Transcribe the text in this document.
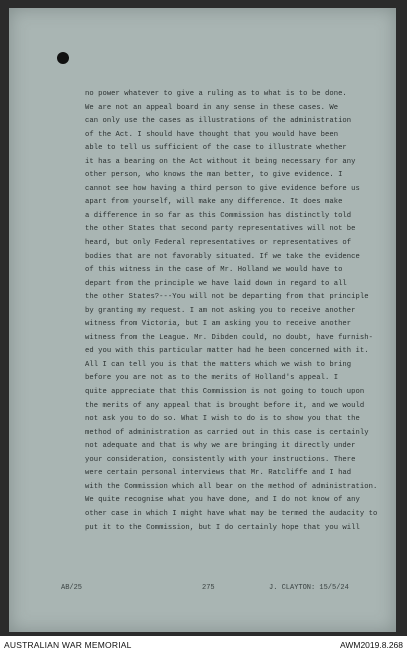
no power whatever to give a ruling as to what is to be done.
We are not an appeal board in any sense in these cases. We
can only use the cases as illustrations of the administration
of the Act. I should have thought that you would have been
able to tell us sufficient of the case to illustrate whether
it has a bearing on the Act without it being necessary for any
other person, who knows the man better, to give evidence. I
cannot see how having a third person to give evidence before us
apart from yourself, will make any difference. It does make
a difference in so far as this Commission has distinctly told
the other States that second party representatives will not be
heard, but only Federal representatives or representatives of
bodies that are not favorably situated. If we take the evidence
of this witness in the case of Mr. Holland we would have to
depart from the principle we have laid down in regard to all
the other States?---You will not be departing from that principle
by granting my request. I am not asking you to receive another
witness from Victoria, but I am asking you to receive another
witness from the League. Mr. Dibden could, no doubt, have furnish-
ed you with this particular matter had he been concerned with it.
All I can tell you is that the matters which we wish to bring
before you are not as to the merits of Holland's appeal. I
quite appreciate that this Commission is not going to touch upon
the merits of any appeal that is brought before it, and we would
not ask you to do so. What I wish to do is to show you that the
method of administration as carried out in this case is certainly
not adequate and that is why we are bringing it directly under
your consideration, consistently with your instructions. There
were certain personal interviews that Mr. Ratcliffe and I had
with the Commission which all bear on the method of administration.
We quite recognise what you have done, and I do not know of any
other case in which I might have what may be termed the audacity to
put it to the Commission, but I do certainly hope that you will
AB/25	275	J. CLAYTON: 15/5/24
AUSTRALIAN WAR MEMORIAL	AWM2019.8.268
